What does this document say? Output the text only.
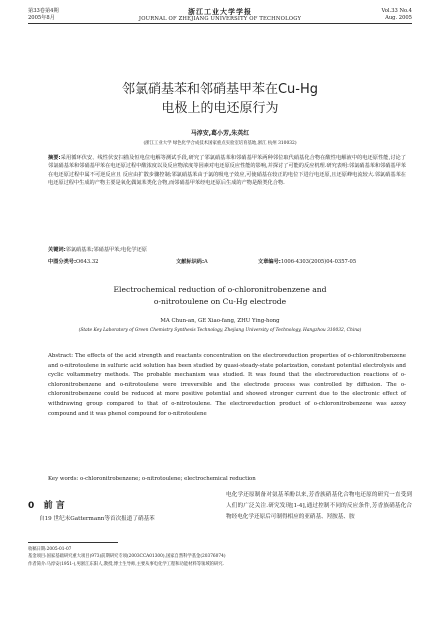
第33卷第4期
2005年8月
浙江工业大学学报
JOURNAL OF ZHEJIANG UNIVERSITY OF TECHNOLOGY
Vol.33 No.4
Aug. 2005
邻氯硝基苯和邻硝基甲苯在Cu-Hg
电极上的电还原行为
马淳安,葛小芳,朱英红
(浙江工业大学 绿色化学合成技术国家重点实验室培育基地,浙江 杭州 310032)
摘要:采用循环伏安、线性伏安扫描及恒电位电解等测试手段,研究了邻氯硝基苯和邻硝基甲苯两种邻位取代硝基化合物在酸性电解液中的电还原性能,讨论了邻氯硝基苯和邻硝基甲苯在电还原过程中酸浓度以及反应物浓度等因素对电还原反应性能的影响,并探讨了可能的反应机理.研究表明:邻氯硝基苯和邻硝基甲苯在电还原过程中属不可逆反应且 反应由扩散步骤控制;邻氯硝基苯由于氯的吸电子效应,可使硝基在较正的电位下进行电还原,且还原峰电流较大.邻氯硝基苯在电还原过程中生成的产物主要是氧化偶氮苯类化合物,而邻硝基甲苯经电还原后生成的产物是酚类化合物.
关键词:邻氯硝基苯;邻硝基甲苯;电化学还原
中图分类号:O643.32	文献标识码:A	文章编号:1006-4303(2005)04-0357-05
Electrochemical reduction of o-chloronitrobenzene and
o-nitrotoulene on Cu-Hg electrode
MA Chun-an, GE Xiao-fang, ZHU Ying-hong
(State Key Laboratory of Green Chemistry Synthesis Technology, Zhejiang University of Technology, Hangzhou 310032, China)
Abstract: The effects of the acid strength and reactants concentration on the electroreduction properties of o-chloronitrobenzene and o-nitrotoulene in sulfuric acid solution has been studied by quasi-steady-state polarization, constant potential electrolysis and cyclic voltammetry methods. The probable mechanism was studied. It was found that the electroreduction reactions of o-chloronitrobenzene and o-nitrotoulene were irreversible and the electrode process was controlled by diffusion. The o-chloronitrobenzene could be reduced at more positive potential and showed stronger current due to the electronic effect of withdrawing group compared to that of o-nitrotoulene. The electroreduction product of o-chloronitrobenzene was azoxy compound and it was phenol compound for o-nitrotoulene
Key words: o-chloronitrobenzene; o-nitrotoulene; electrochemical reduction
0 前 言

自19 世纪末Gattermann等首次报道了硝基苯

电化学还原制备对氨基苯酚以来,芳香族硝基化合物电还原的研究一直受到人们的广泛关注.研究发现[1-4],通过控制不同的反应条件,芳香族硝基化合物经电化学还原后可制得相应的亚硝基、羟胺基、胺

收稿日期:2005-01-07
基金项目:国家基础研究重大项目(973)前期研究专项(2003CCA01300),国家自然科学基金(20376074)
作者简介:马淳安(1951-),男浙江东阳人,教授,博士生导师,主要从事电化学工程和功能材料等领域的研究.
